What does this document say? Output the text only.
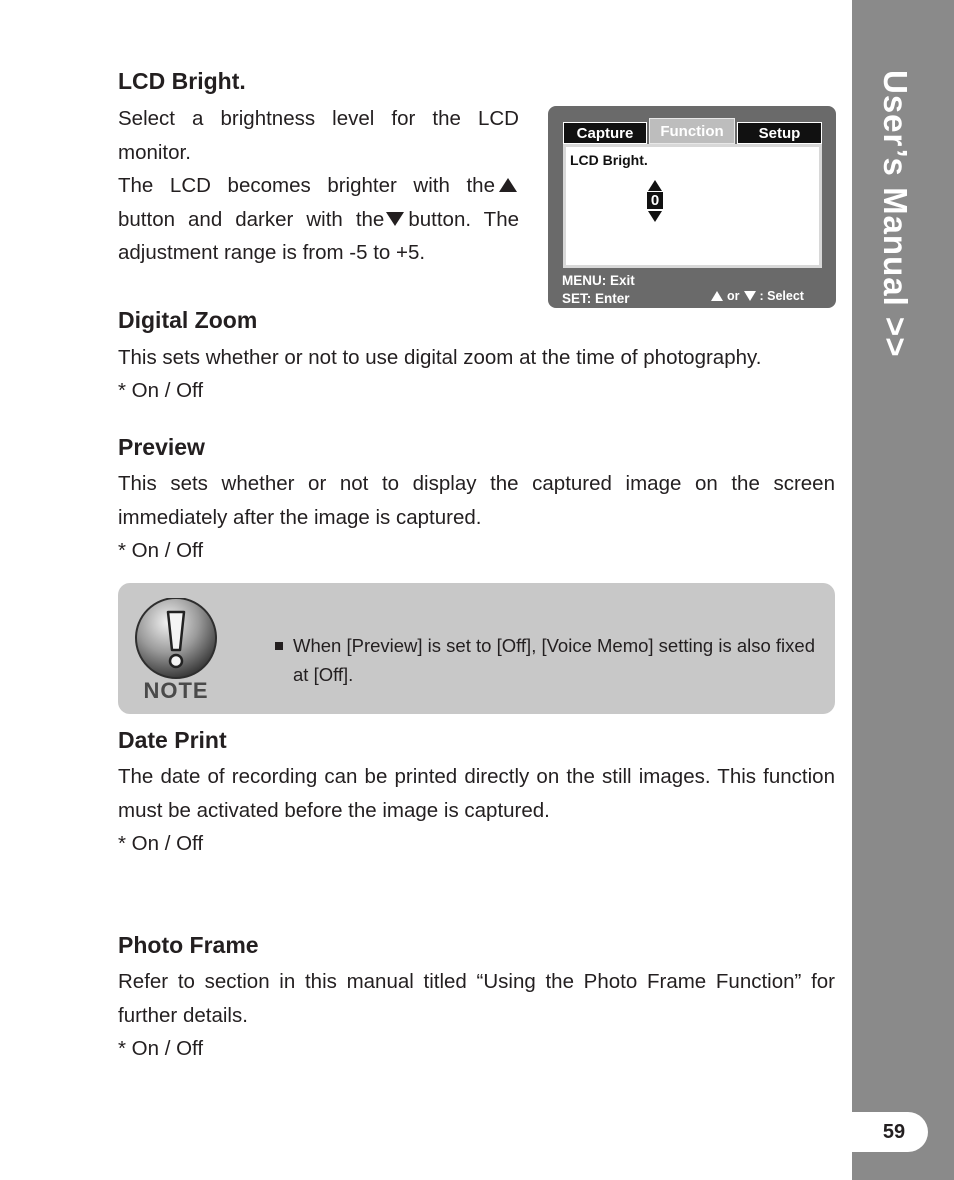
User’s Manual >>
59
LCD Bright.
Select a brightness level for the LCD monitor.
The LCD becomes brighter with the button and darker with the button. The adjustment range is from -5 to +5.
Capture	Function	Setup
LCD Bright.
0
MENU: Exit
SET: Enter	or : Select
Digital Zoom
This sets whether or not to use digital zoom at the time of photography.
* On / Off
Preview
This sets whether or not to display the captured image on the screen immediately after the image is captured.
* On / Off
NOTE
When [Preview] is set to [Off], [Voice Memo] setting is also fixed at [Off].
Date Print
The date of recording can be printed directly on the still images. This function must be activated before the image is captured.
* On / Off
Photo Frame
Refer to section in this manual titled “Using the Photo Frame Function” for further details.
* On / Off
